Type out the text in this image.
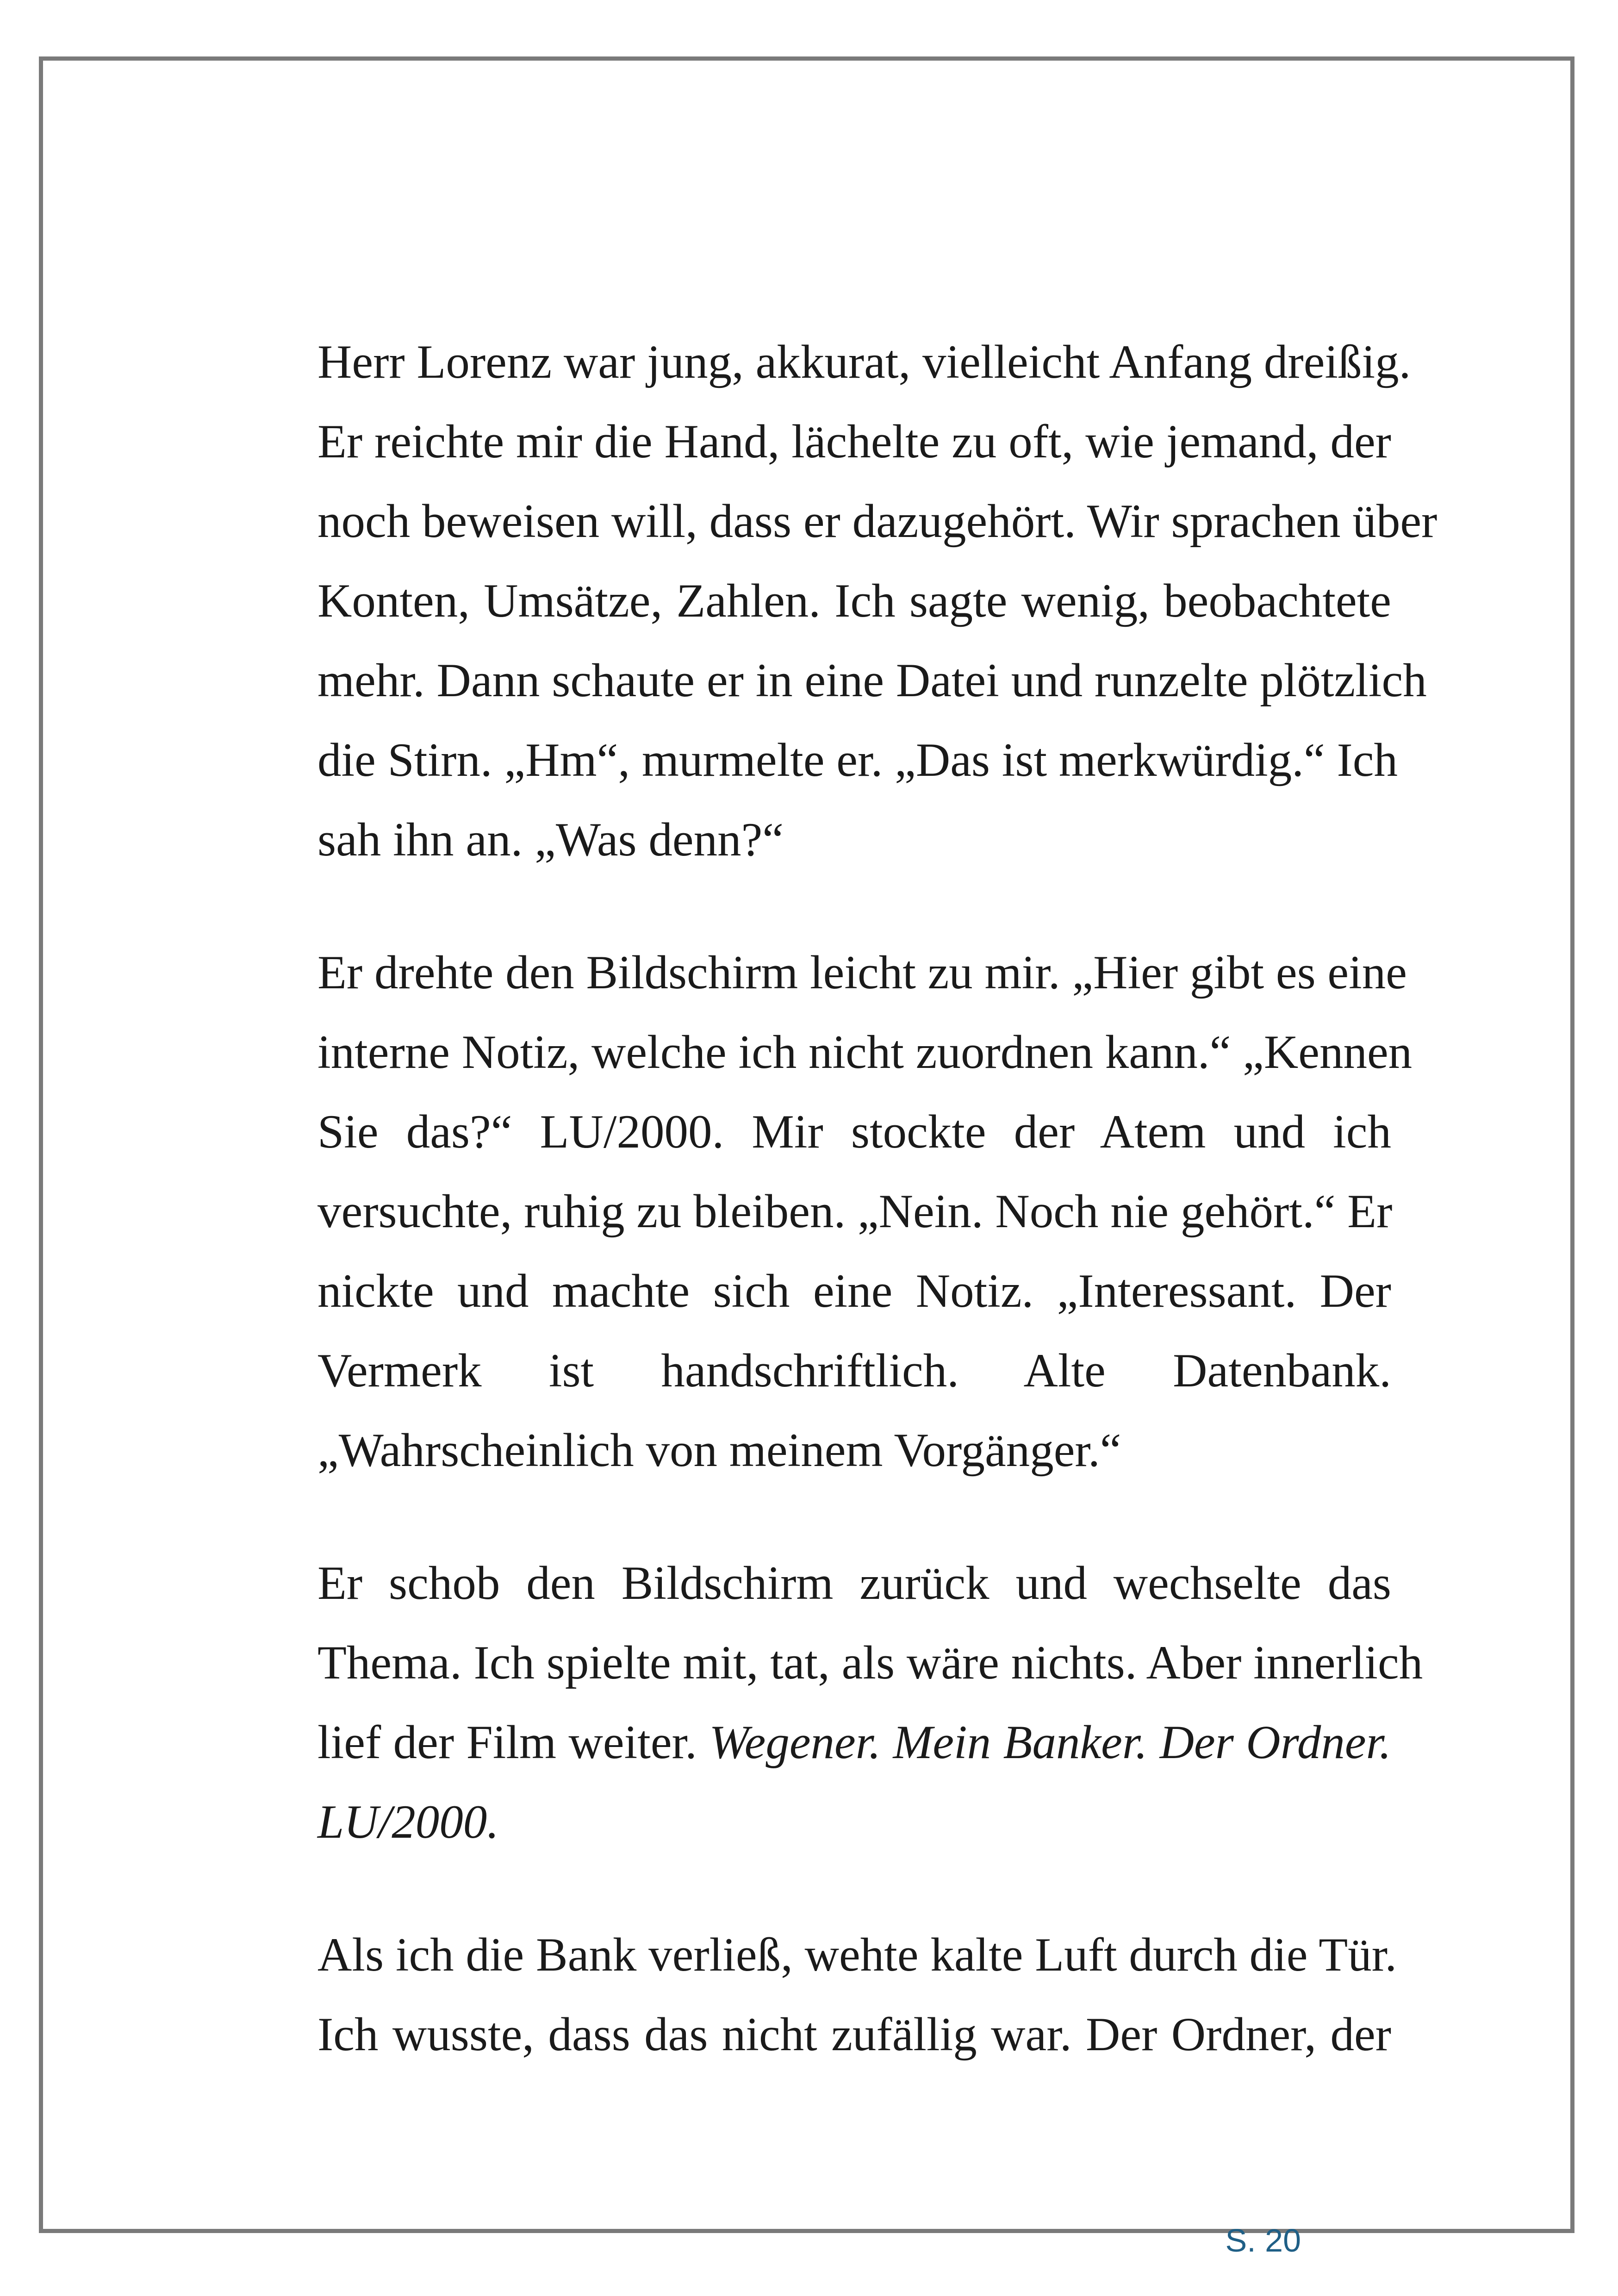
Herr Lorenz war jung, akkurat, vielleicht Anfang dreißig.
Er reichte mir die Hand, lächelte zu oft, wie jemand, der
noch beweisen will, dass er dazugehört. Wir sprachen über
Konten, Umsätze, Zahlen. Ich sagte wenig, beobachtete
mehr. Dann schaute er in eine Datei und runzelte plötzlich
die Stirn. „Hm“, murmelte er. „Das ist merkwürdig.“ Ich
sah ihn an. „Was denn?“

Er drehte den Bildschirm leicht zu mir. „Hier gibt es eine
interne Notiz, welche ich nicht zuordnen kann.“ „Kennen
Sie das?“ LU/2000. Mir stockte der Atem und ich
versuchte, ruhig zu bleiben. „Nein. Noch nie gehört.“ Er
nickte und machte sich eine Notiz. „Interessant. Der
Vermerk ist handschriftlich. Alte Datenbank.
„Wahrscheinlich von meinem Vorgänger.“

Er schob den Bildschirm zurück und wechselte das
Thema. Ich spielte mit, tat, als wäre nichts. Aber innerlich
lief der Film weiter. Wegener. Mein Banker. Der Ordner.
LU/2000.

Als ich die Bank verließ, wehte kalte Luft durch die Tür.
Ich wusste, dass das nicht zufällig war. Der Ordner, der

S. 20
